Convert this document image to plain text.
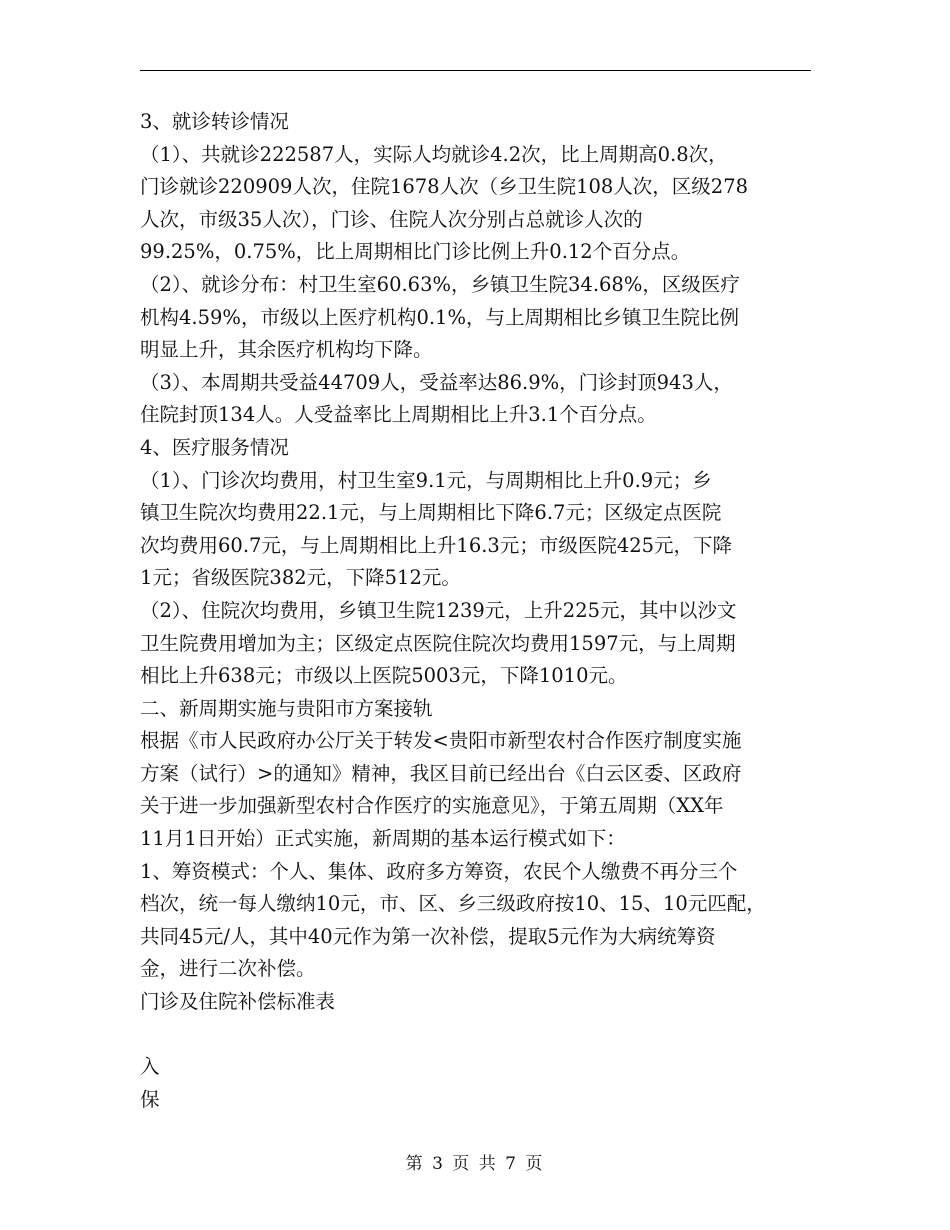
3、就诊转诊情况
（1）、共就诊222587人，实际人均就诊4.2次，比上周期高0.8次，
门诊就诊220909人次，住院1678人次（乡卫生院108人次，区级278
人次，市级35人次），门诊、住院人次分别占总就诊人次的
99.25%，0.75%，比上周期相比门诊比例上升0.12个百分点。
（2）、就诊分布：村卫生室60.63%，乡镇卫生院34.68%，区级医疗
机构4.59%，市级以上医疗机构0.1%，与上周期相比乡镇卫生院比例
明显上升，其余医疗机构均下降。
（3）、本周期共受益44709人，受益率达86.9%，门诊封顶943人，
住院封顶134人。人受益率比上周期相比上升3.1个百分点。
4、医疗服务情况
（1）、门诊次均费用，村卫生室9.1元，与周期相比上升0.9元；乡
镇卫生院次均费用22.1元，与上周期相比下降6.7元；区级定点医院
次均费用60.7元，与上周期相比上升16.3元；市级医院425元，下降
1元；省级医院382元，下降512元。
（2）、住院次均费用，乡镇卫生院1239元，上升225元，其中以沙文
卫生院费用增加为主；区级定点医院住院次均费用1597元，与上周期
相比上升638元；市级以上医院5003元，下降1010元。
二、新周期实施与贵阳市方案接轨
根据《市人民政府办公厅关于转发<贵阳市新型农村合作医疗制度实施
方案（试行）>的通知》精神，我区目前已经出台《白云区委、区政府
关于进一步加强新型农村合作医疗的实施意见》，于第五周期（XX年
11月1日开始）正式实施，新周期的基本运行模式如下：
1、筹资模式：个人、集体、政府多方筹资，农民个人缴费不再分三个
档次，统一每人缴纳10元，市、区、乡三级政府按10、15、10元匹配，
共同45元/人，其中40元作为第一次补偿，提取5元作为大病统筹资
金，进行二次补偿。
门诊及住院补偿标准表
入
保
第 3 页 共 7 页
